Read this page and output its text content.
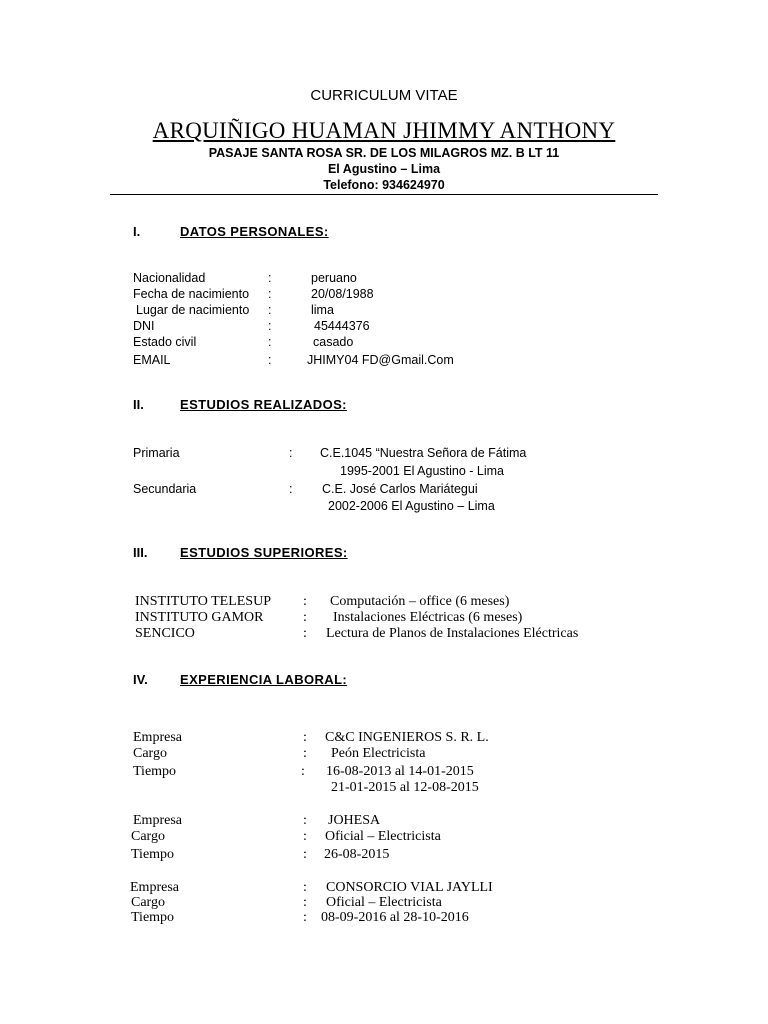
CURRICULUM VITAE
ARQUIÑIGO HUAMAN JHIMMY ANTHONY
PASAJE SANTA ROSA SR. DE LOS MILAGROS MZ. B LT 11
El Agustino – Lima
Telefono: 934624970
I.	DATOS PERSONALES:
Nacionalidad	:	peruano
Fecha de nacimiento :	20/08/1988
Lugar de nacimiento :	lima
DNI	:	45444376
Estado civil	:	casado
EMAIL	:	JHIMY04 FD@Gmail.Com
II.	ESTUDIOS REALIZADOS:
Primaria	: C.E.1045 “Nuestra Señora de Fátima
1995-2001 El Agustino - Lima
Secundaria	: C.E. José Carlos Mariátegui
2002-2006 El Agustino – Lima
III.	ESTUDIOS SUPERIORES:
INSTITUTO TELESUP : Computación – office (6 meses)
INSTITUTO GAMOR	: Instalaciones Eléctricas (6 meses)
SENCICO	: Lectura de Planos de Instalaciones Eléctricas
IV. EXPERIENCIA LABORAL:
Empresa	: C&C INGENIEROS S. R. L.
Cargo	: Peón Electricista
Tiempo	: 16-08-2013 al 14-01-2015
21-01-2015 al 12-08-2015
Empresa	: JOHESA
Cargo	: Oficial – Electricista
Tiempo	: 26-08-2015
Empresa	: CONSORCIO VIAL JAYLLI
Cargo	: Oficial – Electricista
Tiempo	: 08-09-2016 al 28-10-2016
